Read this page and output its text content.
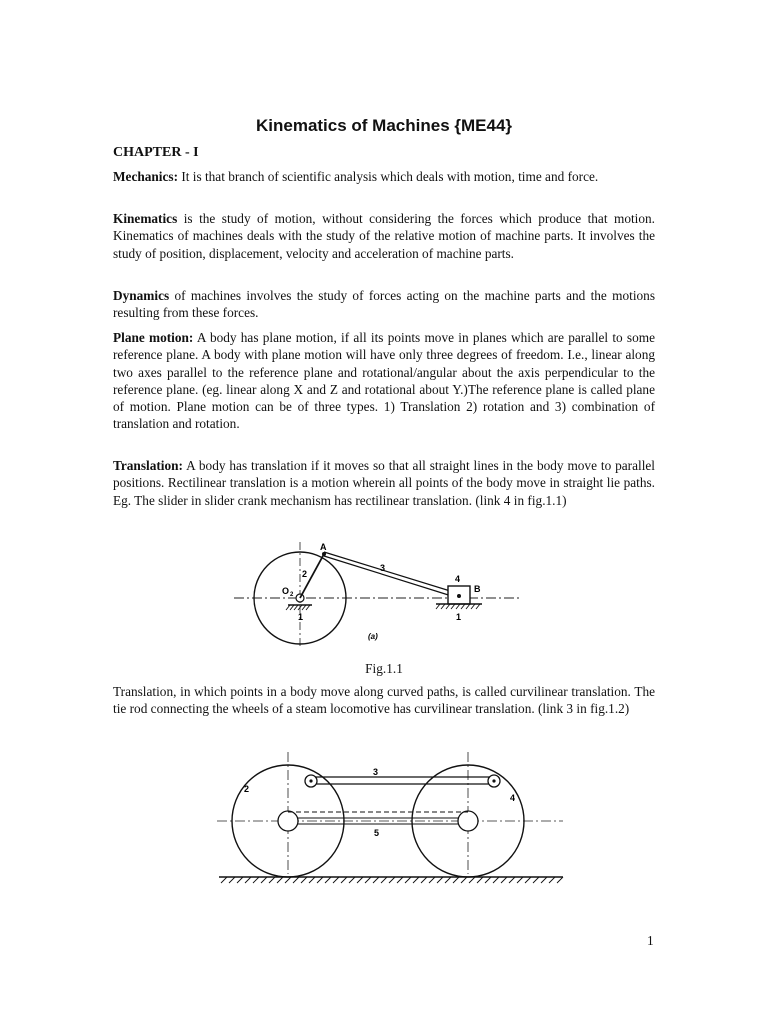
Kinematics of Machines {ME44}
CHAPTER - I

Mechanics: It is that branch of scientific analysis which deals with motion, time and force.

Kinematics is the study of motion, without considering the forces which produce that motion. Kinematics of machines deals with the study of the relative motion of machine parts. It involves the study of position, displacement, velocity and acceleration of machine parts.

Dynamics of machines involves the study of forces acting on the machine parts and the motions resulting from these forces.

Plane motion: A body has plane motion, if all its points move in planes which are parallel to some reference plane. A body with plane motion will have only three degrees of freedom. I.e., linear along two axes parallel to the reference plane and rotational/angular about the axis perpendicular to the reference plane. (eg. linear along X and Z and rotational about Y.)The reference plane is called plane of motion. Plane motion can be of three types. 1) Translation 2) rotation and 3) combination of translation and rotation.

Translation: A body has translation if it moves so that all straight lines in the body move to parallel positions. Rectilinear translation is a motion wherein all points of the body move in straight lie paths. Eg. The slider in slider crank mechanism has rectilinear translation. (link 4 in fig.1.1)

A
B
O 2
2
3
4
1	1
(a)
Fig.1.1

Translation, in which points in a body move along curved paths, is called curvilinear translation. The tie rod connecting the wheels of a steam locomotive has curvilinear translation. (link 3 in fig.1.2)

2
3
4
5
1
